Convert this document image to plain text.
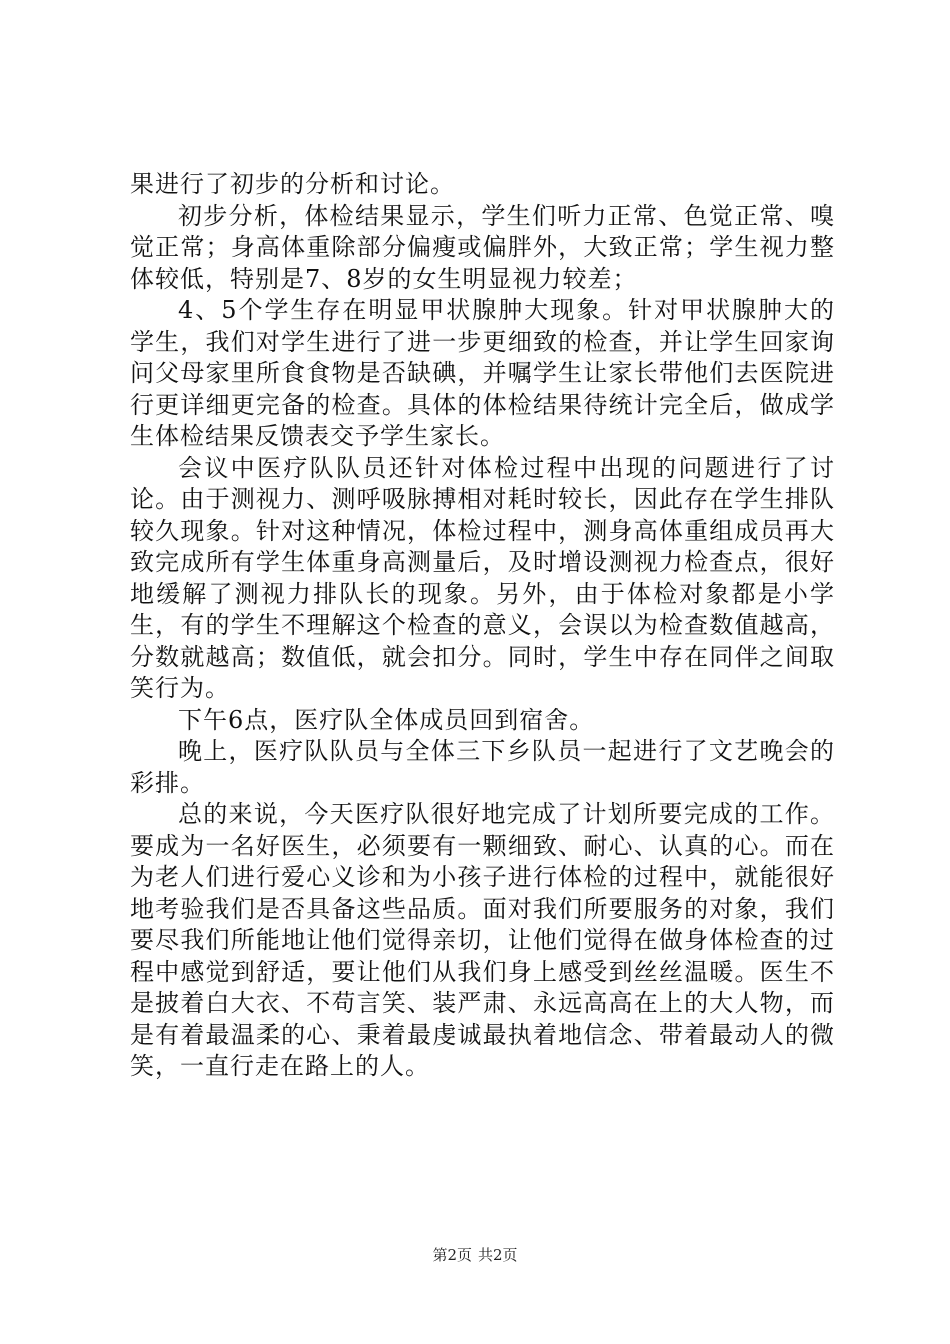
果进行了初步的分析和讨论。

初步分析，体检结果显示，学生们听力正常、色觉正常、嗅觉正常；身高体重除部分偏瘦或偏胖外，大致正常；学生视力整体较低，特别是7、8岁的女生明显视力较差；

4、5个学生存在明显甲状腺肿大现象。针对甲状腺肿大的学生，我们对学生进行了进一步更细致的检查，并让学生回家询问父母家里所食食物是否缺碘，并嘱学生让家长带他们去医院进行更详细更完备的检查。具体的体检结果待统计完全后，做成学生体检结果反馈表交予学生家长。

会议中医疗队队员还针对体检过程中出现的问题进行了讨论。由于测视力、测呼吸脉搏相对耗时较长，因此存在学生排队较久现象。针对这种情况，体检过程中，测身高体重组成员再大致完成所有学生体重身高测量后，及时增设测视力检查点，很好地缓解了测视力排队长的现象。另外，由于体检对象都是小学生，有的学生不理解这个检查的意义，会误以为检查数值越高，分数就越高；数值低，就会扣分。同时，学生中存在同伴之间取笑行为。

下午6点，医疗队全体成员回到宿舍。

晚上，医疗队队员与全体三下乡队员一起进行了文艺晚会的彩排。

总的来说，今天医疗队很好地完成了计划所要完成的工作。要成为一名好医生，必须要有一颗细致、耐心、认真的心。而在为老人们进行爱心义诊和为小孩子进行体检的过程中，就能很好地考验我们是否具备这些品质。面对我们所要服务的对象，我们要尽我们所能地让他们觉得亲切，让他们觉得在做身体检查的过程中感觉到舒适，要让他们从我们身上感受到丝丝温暖。医生不是披着白大衣、不苟言笑、装严肃、永远高高在上的大人物，而是有着最温柔的心、秉着最虔诚最执着地信念、带着最动人的微笑，一直行走在路上的人。

第2页 共2页
